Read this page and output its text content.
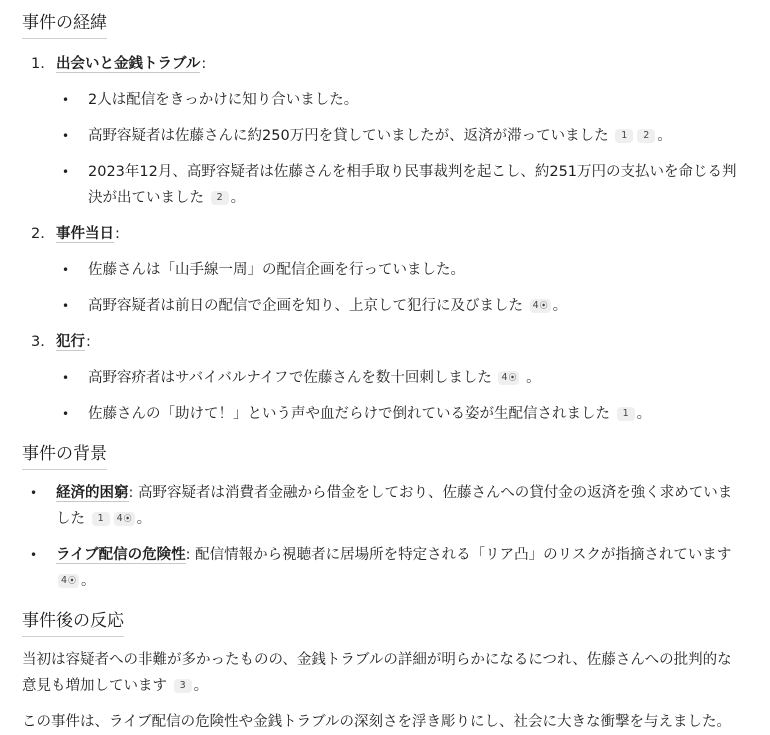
事件の経緯
1. 出会いと金銭トラブル:
• 2人は配信をきっかけに知り合いました。
• 高野容疑者は佐藤さんに約250万円を貸していましたが、返済が滞っていました 1 2 。
• 2023年12月、高野容疑者は佐藤さんを相手取り民事裁判を起こし、約251万円の支払いを命じる判決が出ていました 2 。
2. 事件当日:
• 佐藤さんは「山手線一周」の配信企画を行っていました。
• 高野容疑者は前日の配信で企画を知り、上京して犯行に及びました 4⦿ 。
3. 犯行:
• 高野容疥者はサバイバルナイフで佐藤さんを数十回刺しました 4⦿ 。
• 佐藤さんの「助けて！」という声や血だらけで倒れている姿が生配信されました 1 。
事件の背景
• 経済的困窮: 高野容疑者は消費者金融から借金をしており、佐藤さんへの貸付金の返済を強く求めていました 1 4⦿ 。
• ライブ配信の危険性: 配信情報から視聴者に居場所を特定される「リア凸」のリスクが指摘されています 4⦿ 。
事件後の反応

当初は容疑者への非難が多かったものの、金銭トラブルの詳細が明らかになるにつれ、佐藤さんへの批判的な意見も増加しています 3 。

この事件は、ライブ配信の危険性や金銭トラブルの深刻さを浮き彫りにし、社会に大きな衝撃を与えました。
